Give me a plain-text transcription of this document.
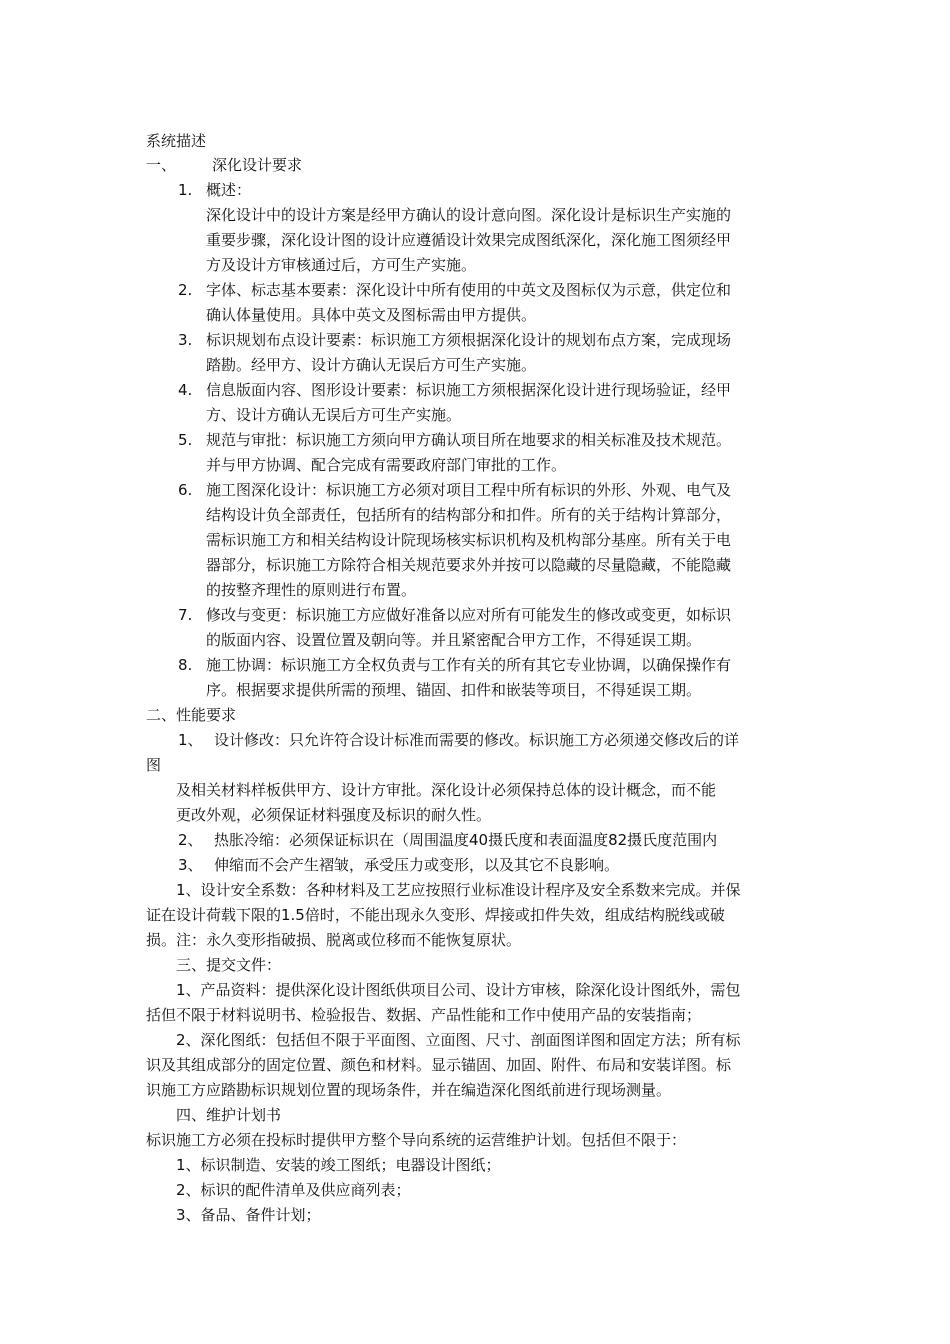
系统描述
一、 深化设计要求
1. 概述：
深化设计中的设计方案是经甲方确认的设计意向图。深化设计是标识生产实施的
重要步骤，深化设计图的设计应遵循设计效果完成图纸深化，深化施工图须经甲
方及设计方审核通过后，方可生产实施。
2. 字体、标志基本要素：深化设计中所有使用的中英文及图标仅为示意，供定位和
确认体量使用。具体中英文及图标需由甲方提供。
3. 标识规划布点设计要素：标识施工方须根据深化设计的规划布点方案，完成现场
踏勘。经甲方、设计方确认无误后方可生产实施。
4. 信息版面内容、图形设计要素：标识施工方须根据深化设计进行现场验证，经甲
方、设计方确认无误后方可生产实施。
5. 规范与审批：标识施工方须向甲方确认项目所在地要求的相关标准及技术规范。
并与甲方协调、配合完成有需要政府部门审批的工作。
6. 施工图深化设计：标识施工方必须对项目工程中所有标识的外形、外观、电气及
结构设计负全部责任，包括所有的结构部分和扣件。所有的关于结构计算部分，
需标识施工方和相关结构设计院现场核实标识机构及机构部分基座。所有关于电
器部分，标识施工方除符合相关规范要求外并按可以隐藏的尽量隐藏，不能隐藏
的按整齐理性的原则进行布置。
7. 修改与变更：标识施工方应做好准备以应对所有可能发生的修改或变更，如标识
的版面内容、设置位置及朝向等。并且紧密配合甲方工作，不得延误工期。
8. 施工协调：标识施工方全权负责与工作有关的所有其它专业协调，以确保操作有
序。根据要求提供所需的预埋、锚固、扣件和嵌装等项目，不得延误工期。
二、性能要求
1、 设计修改：只允许符合设计标准而需要的修改。标识施工方必须递交修改后的详
图
及相关材料样板供甲方、设计方审批。深化设计必须保持总体的设计概念，而不能
更改外观，必须保证材料强度及标识的耐久性。
2、 热胀冷缩：必须保证标识在（周围温度40摄氏度和表面温度82摄氏度范围内
3、 伸缩而不会产生褶皱，承受压力或变形，以及其它不良影响。
1、设计安全系数：各种材料及工艺应按照行业标准设计程序及安全系数来完成。并保
证在设计荷载下限的1.5倍时，不能出现永久变形、焊接或扣件失效，组成结构脱线或破
损。注：永久变形指破损、脱离或位移而不能恢复原状。
三、提交文件：
1、产品资料：提供深化设计图纸供项目公司、设计方审核，除深化设计图纸外，需包
括但不限于材料说明书、检验报告、数据、产品性能和工作中使用产品的安装指南；
2、深化图纸：包括但不限于平面图、立面图、尺寸、剖面图详图和固定方法；所有标
识及其组成部分的固定位置、颜色和材料。显示锚固、加固、附件、布局和安装详图。标
识施工方应踏勘标识规划位置的现场条件，并在编造深化图纸前进行现场测量。
四、维护计划书
标识施工方必须在投标时提供甲方整个导向系统的运营维护计划。包括但不限于：
1、标识制造、安装的竣工图纸；电器设计图纸；
2、标识的配件清单及供应商列表；
3、备品、备件计划；
